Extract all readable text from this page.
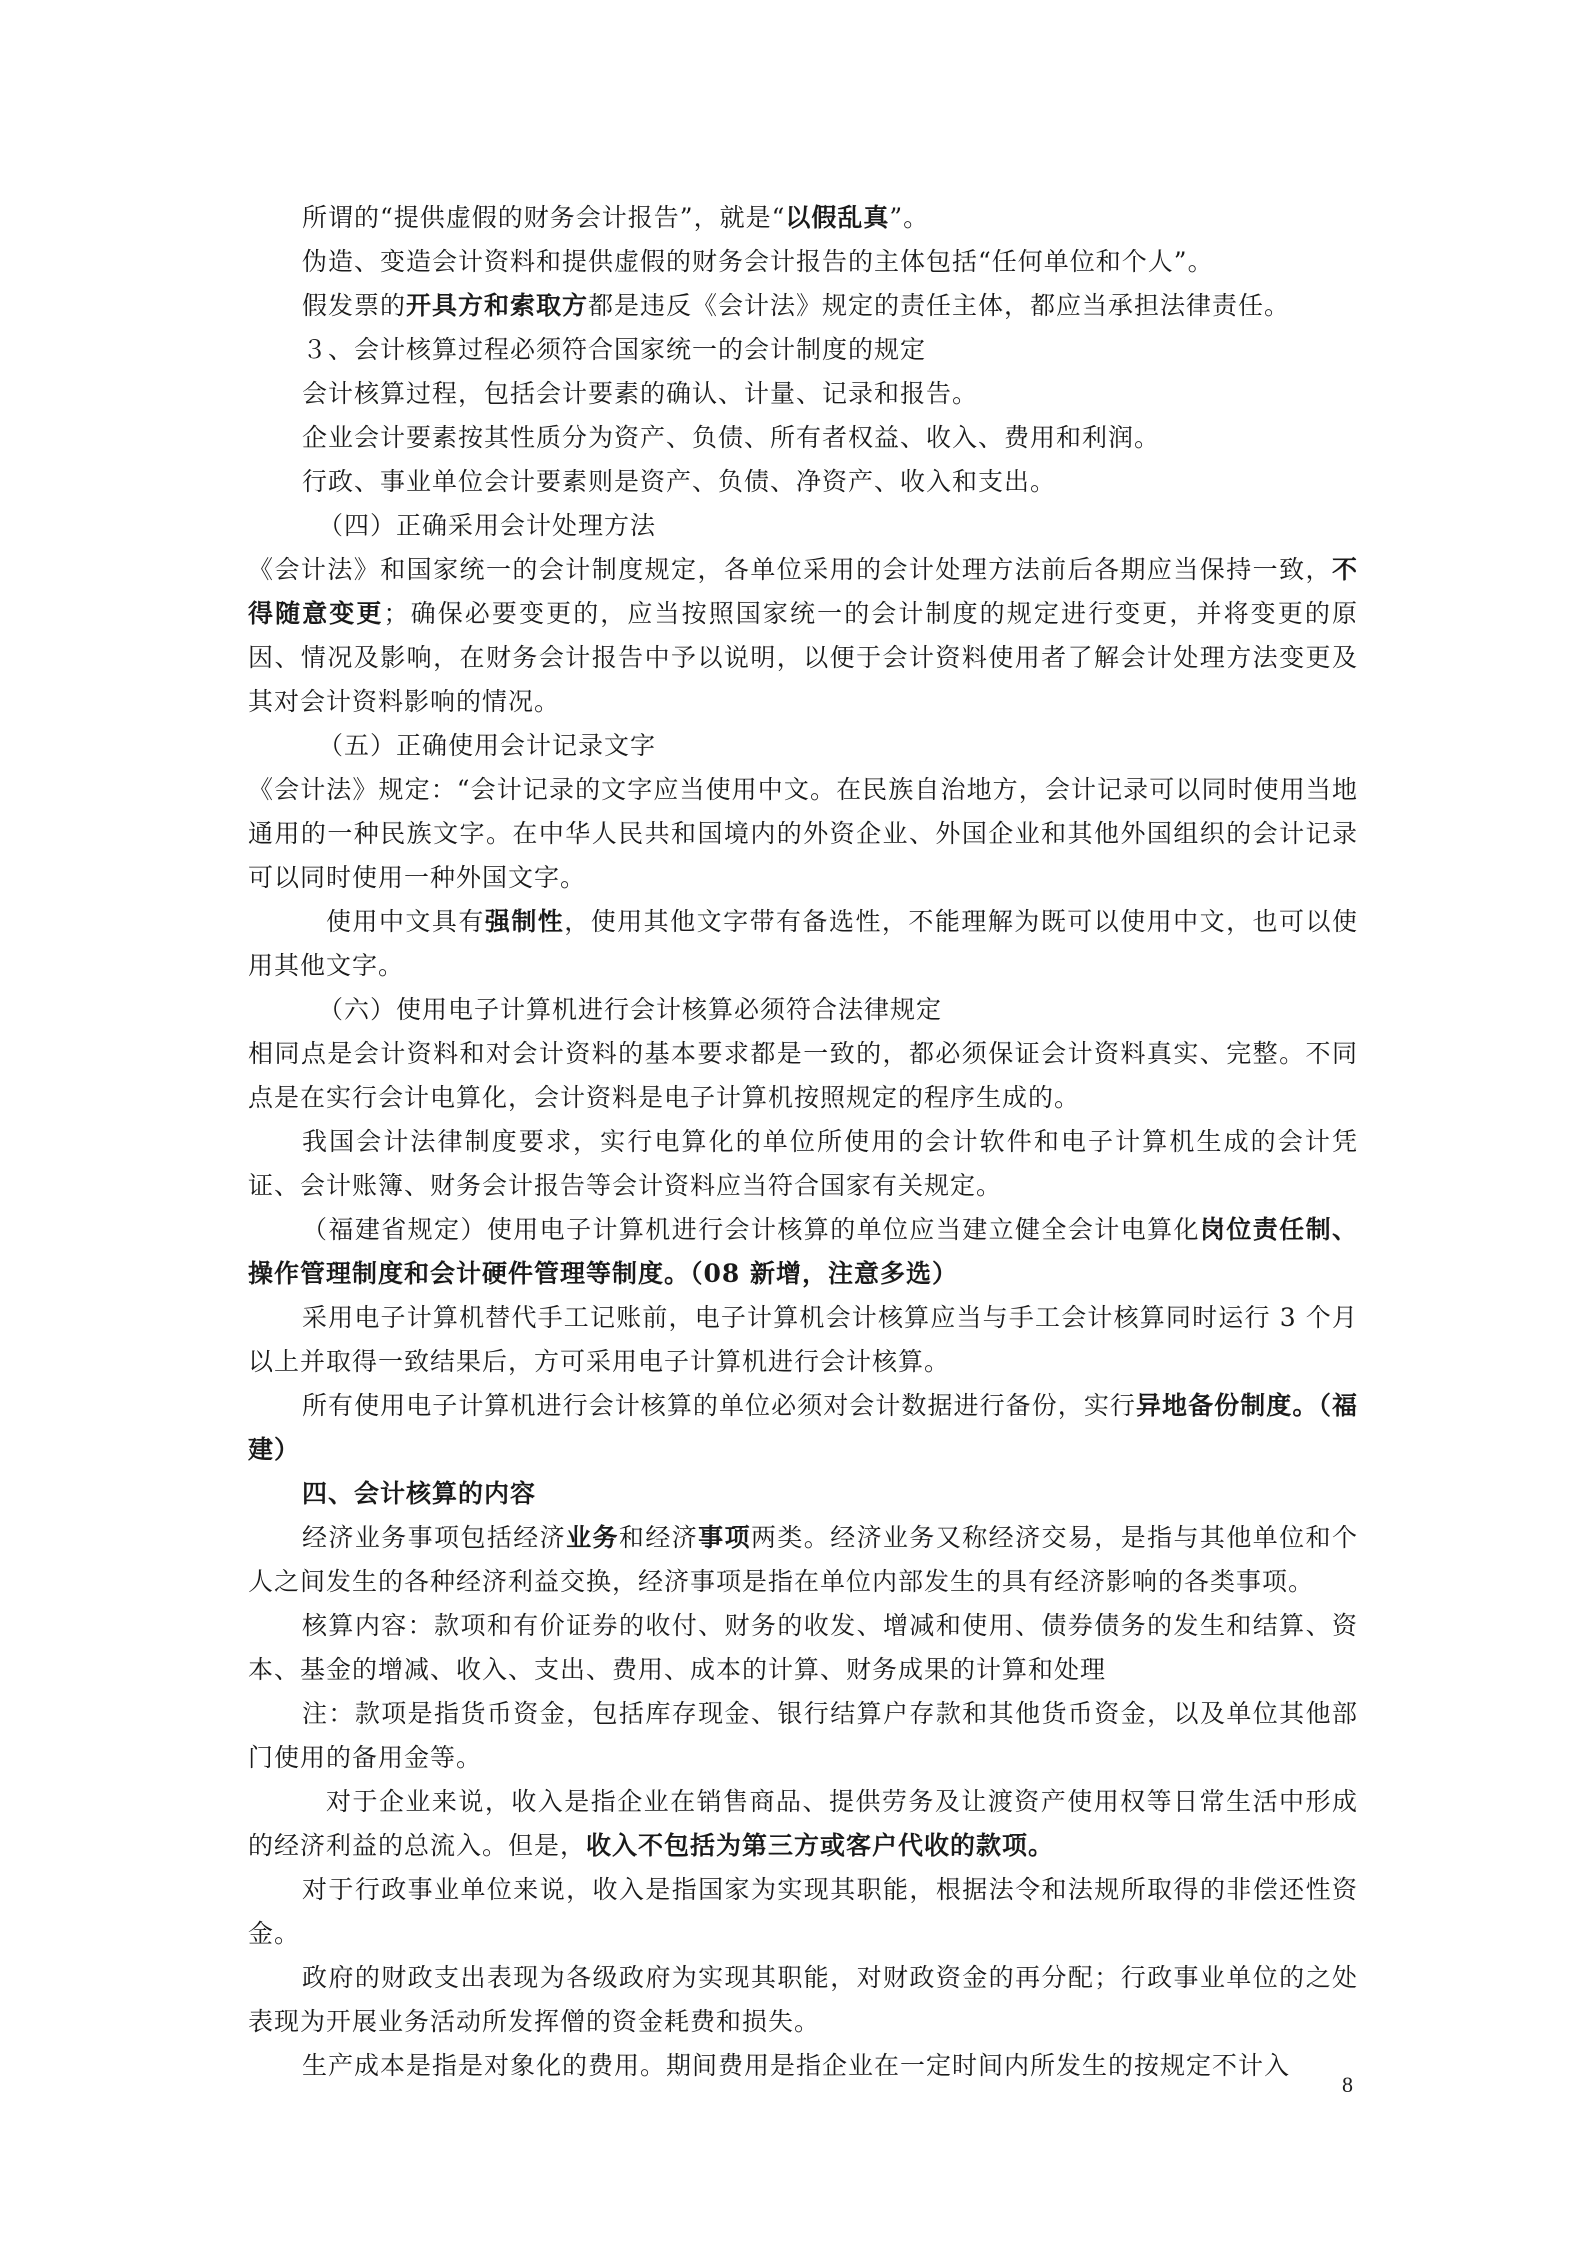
所谓的“提供虚假的财务会计报告”，就是“以假乱真”。

伪造、变造会计资料和提供虚假的财务会计报告的主体包括“任何单位和个人”。

假发票的开具方和索取方都是违反《会计法》规定的责任主体，都应当承担法律责任。

３、会计核算过程必须符合国家统一的会计制度的规定

会计核算过程，包括会计要素的确认、计量、记录和报告。

企业会计要素按其性质分为资产、负债、所有者权益、收入、费用和利润。

行政、事业单位会计要素则是资产、负债、净资产、收入和支出。

（四）正确采用会计处理方法

《会计法》和国家统一的会计制度规定，各单位采用的会计处理方法前后各期应当保持一致，不得随意变更；确保必要变更的，应当按照国家统一的会计制度的规定进行变更，并将变更的原因、情况及影响，在财务会计报告中予以说明，以便于会计资料使用者了解会计处理方法变更及其对会计资料影响的情况。

（五）正确使用会计记录文字

《会计法》规定：“会计记录的文字应当使用中文。在民族自治地方，会计记录可以同时使用当地通用的一种民族文字。在中华人民共和国境内的外资企业、外国企业和其他外国组织的会计记录可以同时使用一种外国文字。

使用中文具有强制性，使用其他文字带有备选性，不能理解为既可以使用中文，也可以使用其他文字。

（六）使用电子计算机进行会计核算必须符合法律规定

相同点是会计资料和对会计资料的基本要求都是一致的，都必须保证会计资料真实、完整。不同点是在实行会计电算化，会计资料是电子计算机按照规定的程序生成的。

我国会计法律制度要求，实行电算化的单位所使用的会计软件和电子计算机生成的会计凭证、会计账簿、财务会计报告等会计资料应当符合国家有关规定。

（福建省规定）使用电子计算机进行会计核算的单位应当建立健全会计电算化岗位责任制、操作管理制度和会计硬件管理等制度。（08 新增，注意多选）

采用电子计算机替代手工记账前，电子计算机会计核算应当与手工会计核算同时运行 3 个月以上并取得一致结果后，方可采用电子计算机进行会计核算。

所有使用电子计算机进行会计核算的单位必须对会计数据进行备份，实行异地备份制度。（福建）

四、会计核算的内容

经济业务事项包括经济业务和经济事项两类。经济业务又称经济交易，是指与其他单位和个人之间发生的各种经济利益交换，经济事项是指在单位内部发生的具有经济影响的各类事项。

核算内容：款项和有价证券的收付、财务的收发、增减和使用、债券债务的发生和结算、资本、基金的增减、收入、支出、费用、成本的计算、财务成果的计算和处理

注：款项是指货币资金，包括库存现金、银行结算户存款和其他货币资金，以及单位其他部门使用的备用金等。

对于企业来说，收入是指企业在销售商品、提供劳务及让渡资产使用权等日常生活中形成的经济利益的总流入。但是，收入不包括为第三方或客户代收的款项。

对于行政事业单位来说，收入是指国家为实现其职能，根据法令和法规所取得的非偿还性资金。

政府的财政支出表现为各级政府为实现其职能，对财政资金的再分配；行政事业单位的之处表现为开展业务活动所发挥僧的资金耗费和损失。

生产成本是指是对象化的费用。期间费用是指企业在一定时间内所发生的按规定不计入

8
